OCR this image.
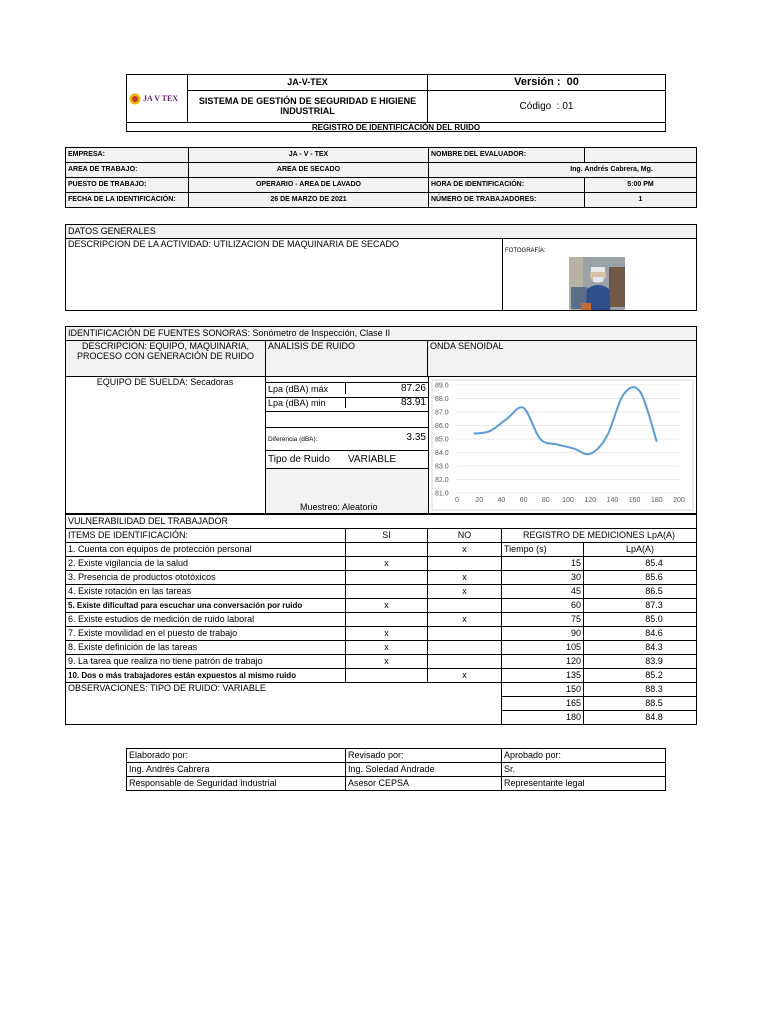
JA V TEX	JA-V-TEX	Versión :  00
	SISTEMA DE GESTIÓN DE SEGURIDAD E HIGIENE INDUSTRIAL	Código  : 01
REGISTRO DE IDENTIFICACIÓN DEL RUIDO		
EMPRESA:	JA - V - TEX	NOMBRE DEL EVALUADOR:	
AREA DE TRABAJO:	AREA DE SECADO	Ing. Andrés Cabrera, Mg.	
PUESTO DE TRABAJO:	OPERARIO - AREA DE LAVADO	HORA DE IDENTIFICACIÓN:	5:00 PM
FECHA DE LA IDENTIFICACIÓN:	26 DE MARZO DE 2021	NÚMERO DE TRABAJADORES:	1
DATOS GENERALES
DESCRIPCION DE LA ACTIVIDAD: UTILIZACION DE MAQUINARIA DE SECADO	FOTOGRAFÍA:
IDENTIFICACIÓN DE FUENTES SONORAS: Sonómetro de Inspección, Clase II
DESCRIPCION: EQUIPO, MAQUINARIA, PROCESO CON GENERACIÓN DE RUIDO	ANALISIS DE RUIDO	ONDA SENOIDAL
EQUIPO DE SUELDA: Secadoras
Lpa (dBA) máx	87.26
Lpa (dBA) min	83.91
Diferencia (dBA):	3.35
Tipo de Ruido VARIABLE
Muestreo: Aleatorio
89.0
88.0
87.0
86.0
85.0
84.0
83.0
82.0
81.0
0 20 40 60 80 100 120 140 160 180 200
VULNERABILIDAD DEL TRABAJADOR				
ITEMS DE IDENTIFICACIÓN:	SI	NO	REGISTRO DE MEDICIONES LpA(A)	
1. Cuenta con equipos de protección personal		x	Tiempo (s)	LpA(A)
2. Existe vigilancia de la salud	x		15	85.4
3. Presencia de productos ototóxicos		x	30	85.6
4. Existe rotación en las tareas		x	45	86.5
5. Existe dificultad para escuchar una conversación por ruido	x		60	87.3
6. Existe estudios de medición de ruido laboral		x	75	85.0
7. Existe movilidad en el puesto de trabajo	x		90	84.6
8. Existe definición de las tareas	x		105	84.3
9. La tarea que realiza no tiene patrón de trabajo	x		120	83.9
10. Dos o más trabajadores están expuestos al mismo ruido		x	135	85.2
OBSERVACIONES: TIPO DE RUIDO: VARIABLE			150	88.3
			165	88.5
			180	84.8
Elaborado por:	Revisado por:	Aprobado por:
Ing. Andrés Cabrera	Ing. Soledad Andrade	Sr.
Responsable de Seguridad Industrial	Asesor CEPSA	Representante legal
